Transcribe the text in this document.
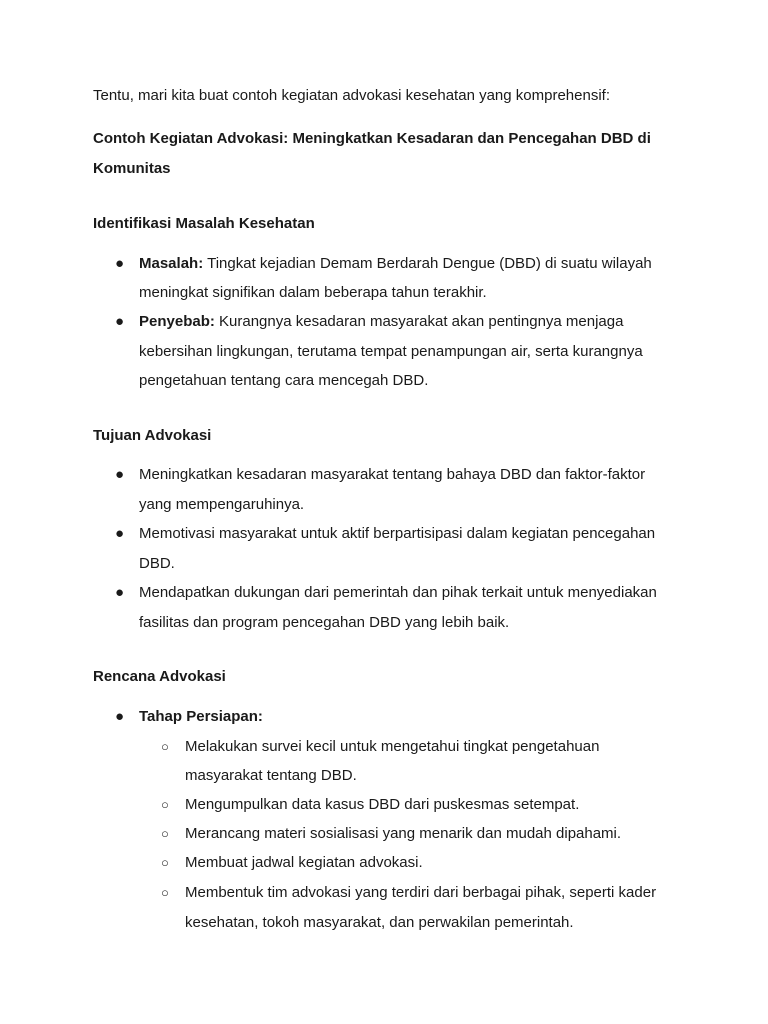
Tentu, mari kita buat contoh kegiatan advokasi kesehatan yang komprehensif:
Contoh Kegiatan Advokasi: Meningkatkan Kesadaran dan Pencegahan DBD di
Komunitas
Identifikasi Masalah Kesehatan
● Masalah: Tingkat kejadian Demam Berdarah Dengue (DBD) di suatu wilayah
meningkat signifikan dalam beberapa tahun terakhir.
● Penyebab: Kurangnya kesadaran masyarakat akan pentingnya menjaga
kebersihan lingkungan, terutama tempat penampungan air, serta kurangnya
pengetahuan tentang cara mencegah DBD.
Tujuan Advokasi
● Meningkatkan kesadaran masyarakat tentang bahaya DBD dan faktor-faktor
yang mempengaruhinya.
● Memotivasi masyarakat untuk aktif berpartisipasi dalam kegiatan pencegahan
DBD.
● Mendapatkan dukungan dari pemerintah dan pihak terkait untuk menyediakan
fasilitas dan program pencegahan DBD yang lebih baik.
Rencana Advokasi
● Tahap Persiapan:
○ Melakukan survei kecil untuk mengetahui tingkat pengetahuan
masyarakat tentang DBD.
○ Mengumpulkan data kasus DBD dari puskesmas setempat.
○ Merancang materi sosialisasi yang menarik dan mudah dipahami.
○ Membuat jadwal kegiatan advokasi.
○ Membentuk tim advokasi yang terdiri dari berbagai pihak, seperti kader
kesehatan, tokoh masyarakat, dan perwakilan pemerintah.
